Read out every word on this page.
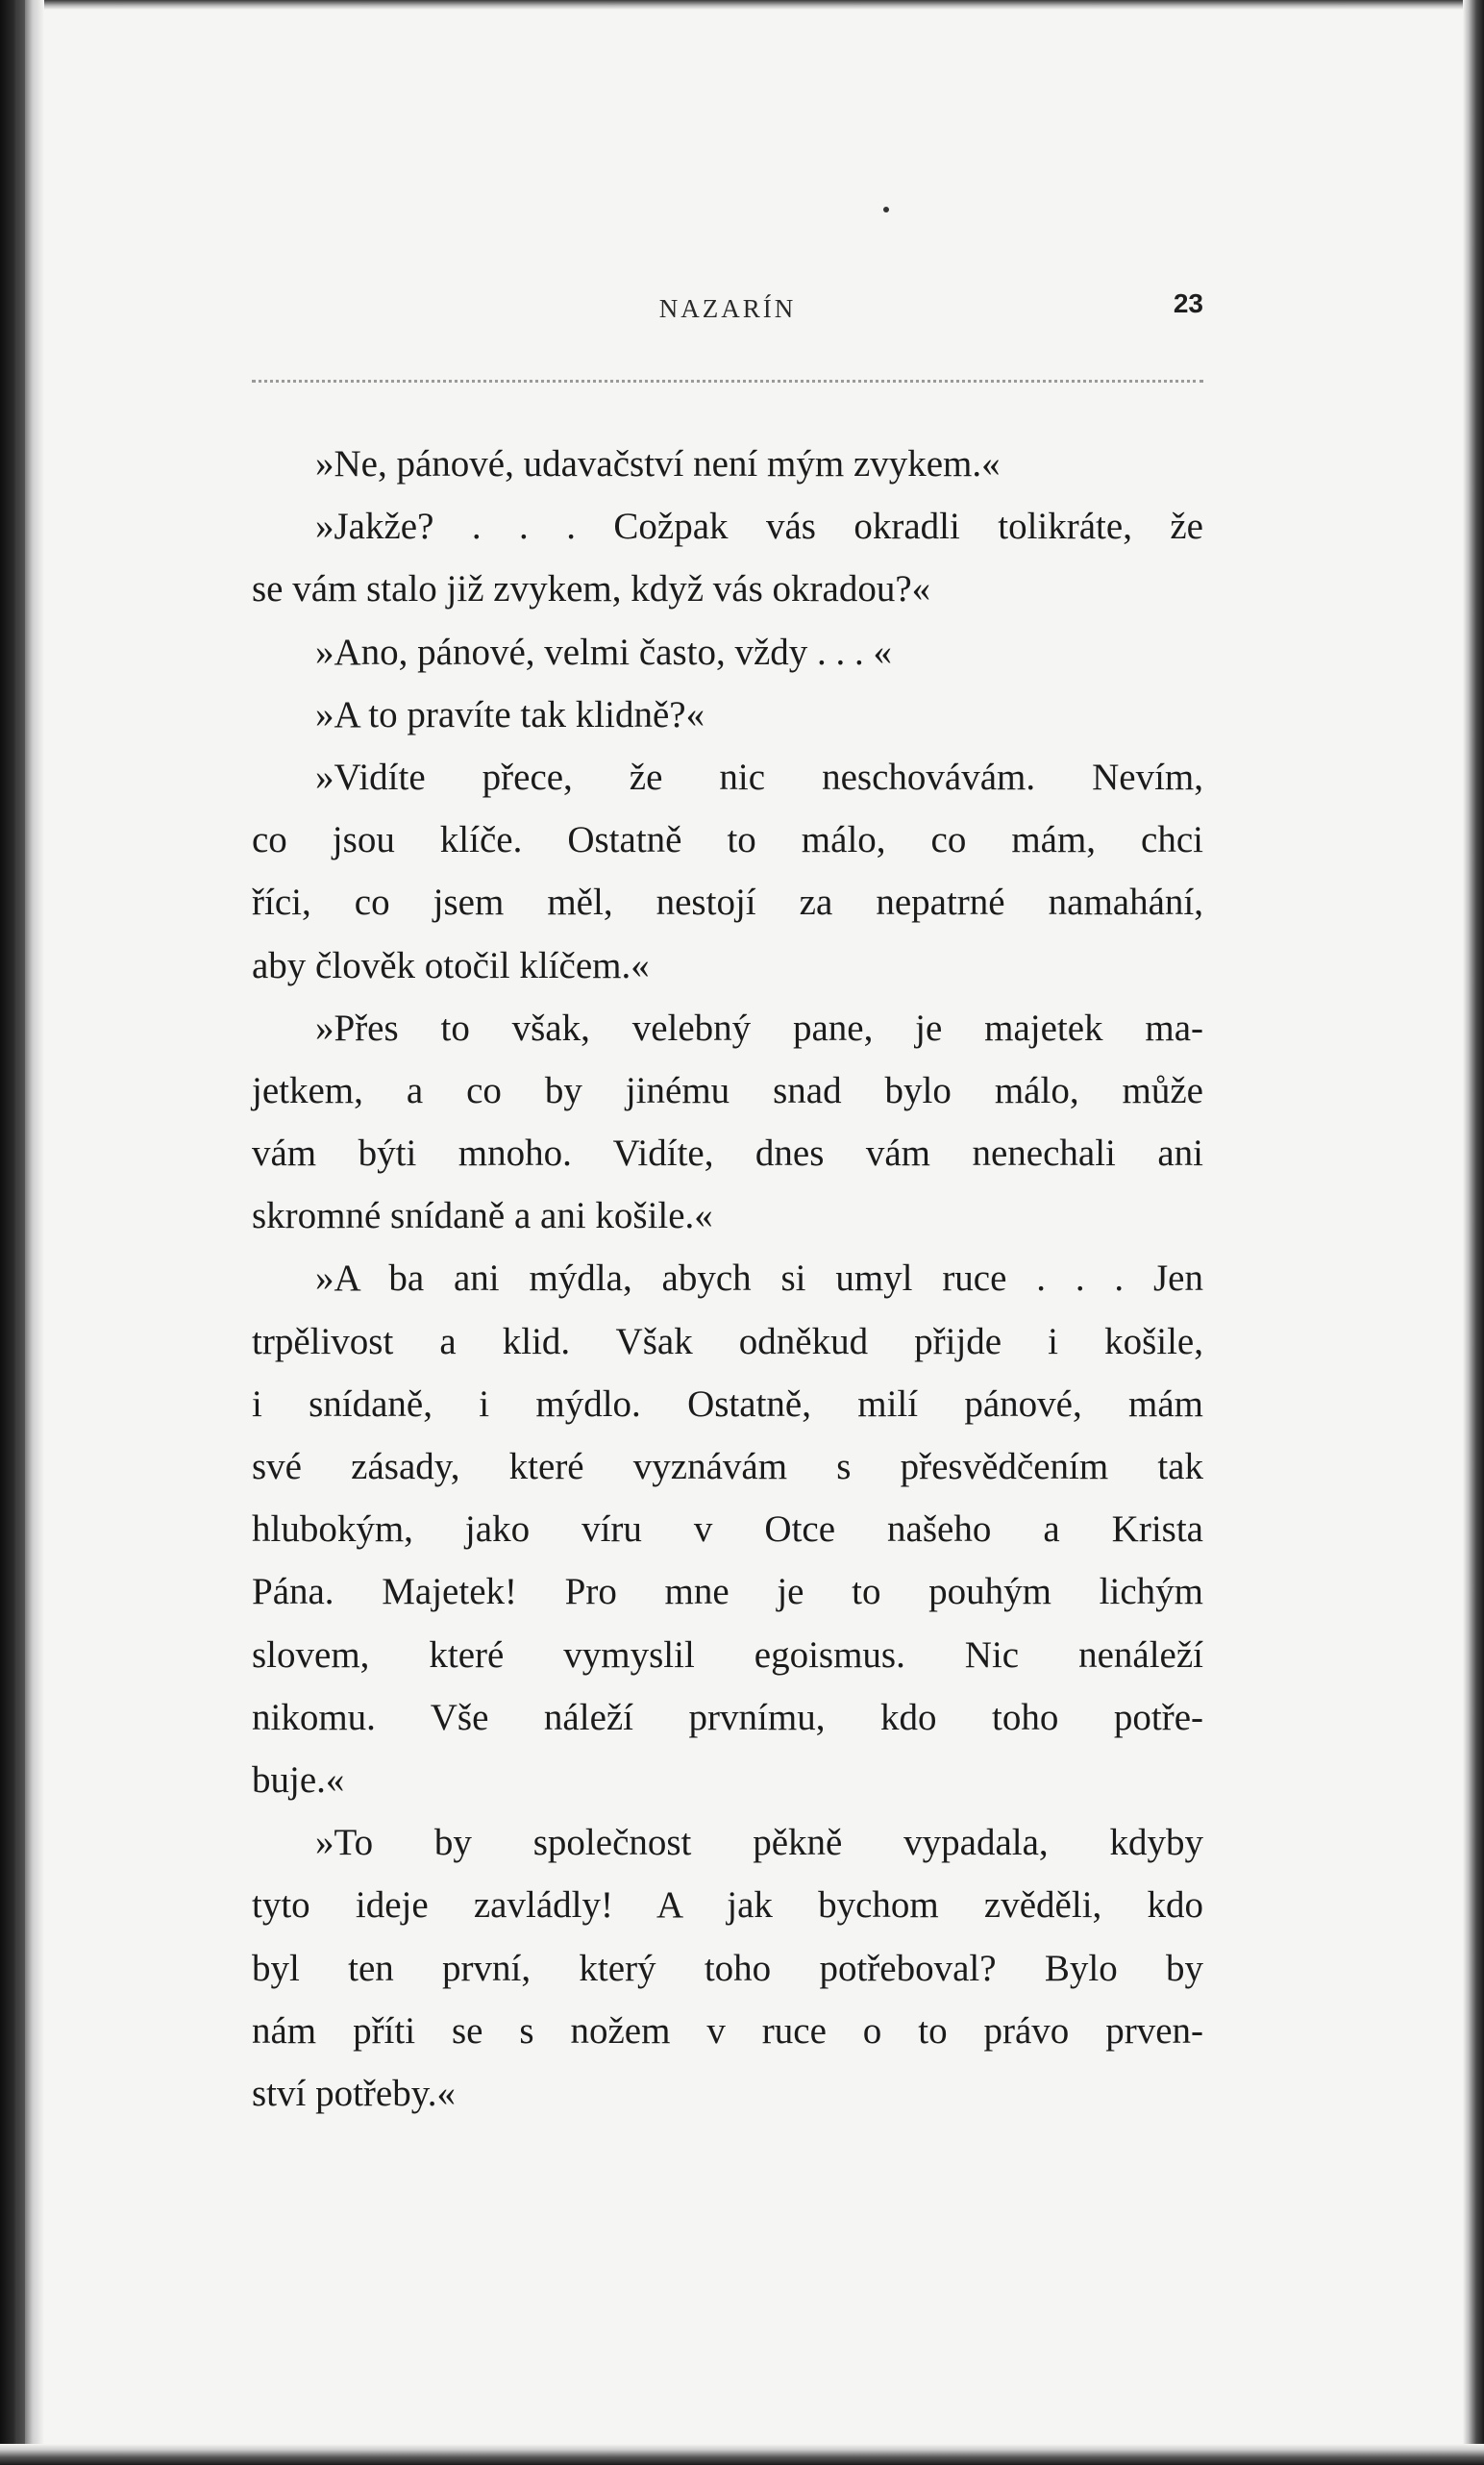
NAZARÍN	23

»Ne, pánové, udavačství není mým zvykem.«

»Jakže? . . . Cožpak vás okradli tolikráte, že

se vám stalo již zvykem, když vás okradou?«

»Ano, pánové, velmi často, vždy . . . «

»A to pravíte tak klidně?«

»Vidíte přece, že nic neschovávám. Nevím,

co jsou klíče. Ostatně to málo, co mám, chci

říci, co jsem měl, nestojí za nepatrné namahání,

aby člověk otočil klíčem.«

»Přes to však, velebný pane, je majetek ma-

jetkem, a co by jinému snad bylo málo, může

vám býti mnoho. Vidíte, dnes vám nenechali ani

skromné snídaně a ani košile.«

»A ba ani mýdla, abych si umyl ruce . . . Jen

trpělivost a klid. Však odněkud přijde i košile,

i snídaně, i mýdlo. Ostatně, milí pánové, mám

své zásady, které vyznávám s přesvědčením tak

hlubokým, jako víru v Otce našeho a Krista

Pána. Majetek! Pro mne je to pouhým lichým

slovem, které vymyslil egoismus. Nic nenáleží

nikomu. Vše náleží prvnímu, kdo toho potře-

buje.«

»To by společnost pěkně vypadala, kdyby

tyto ideje zavládly! A jak bychom zvěděli, kdo

byl ten první, který toho potřeboval? Bylo by

nám příti se s nožem v ruce o to právo prven-

ství potřeby.«
